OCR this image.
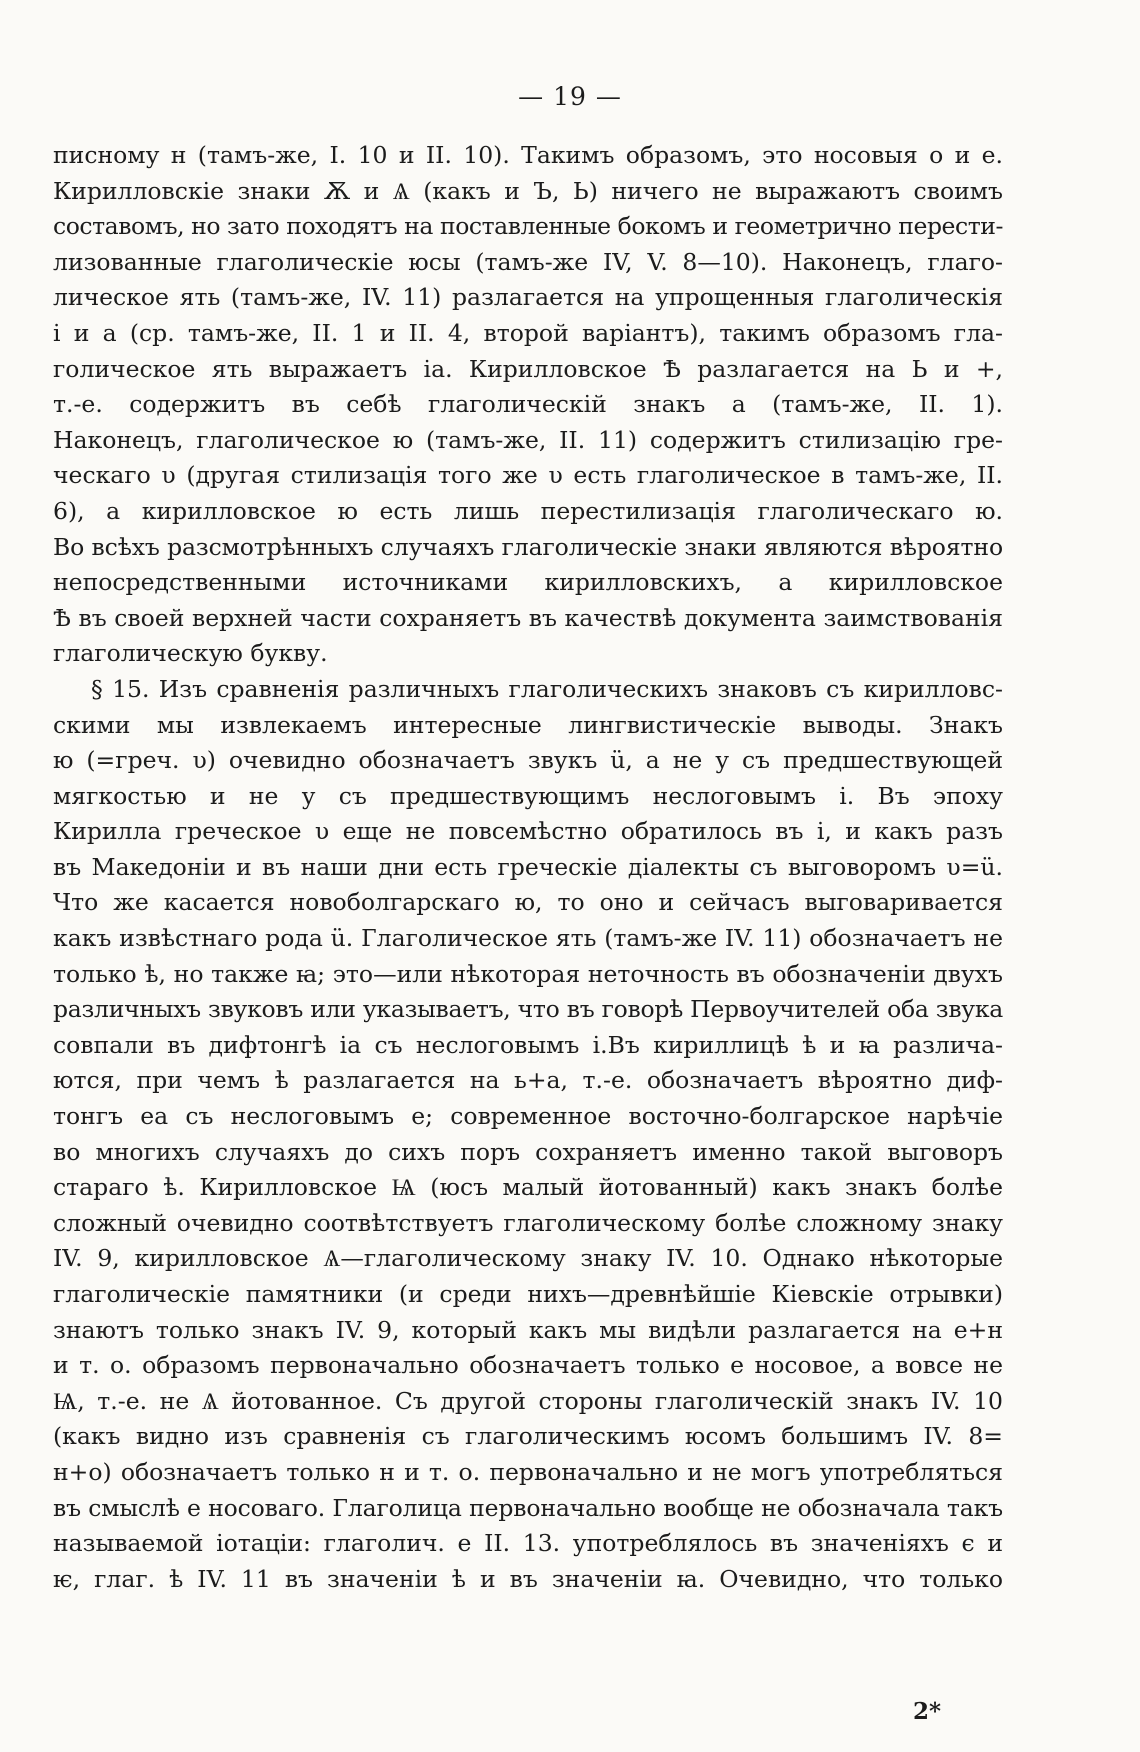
— 19 —
писному н (тамъ-же, I. 10 и II. 10). Такимъ образомъ, это носовыя о и е.
Кирилловскіе знаки Ѫ и Ѧ (какъ и Ъ, Ь) ничего не выражаютъ своимъ
составомъ, но зато походятъ на поставленные бокомъ и геометрично перести-
лизованные глаголическіе юсы (тамъ-же IV, V. 8—10). Наконецъ, глаго-
лическое ять (тамъ-же, IV. 11) разлагается на упрощенныя глаголическія
і и а (ср. тамъ-же, II. 1 и II. 4, второй варіантъ), такимъ образомъ гла-
голическое ять выражаетъ іа. Кирилловское Ѣ разлагается на Ь и +,
т.-е. содержитъ въ себѣ глаголическій знакъ а (тамъ-же, II. 1).
Наконецъ, глаголическое ю (тамъ-же, II. 11) содержитъ стилизацію гре-
ческаго υ (другая стилизація того же υ есть глаголическое в тамъ-же, II.
6), а кирилловское ю есть лишь перестилизація глаголическаго ю.
Во всѣхъ разсмотрѣнныхъ случаяхъ глаголическіе знаки являются вѣроятно
непосредственными источниками кирилловскихъ, а кирилловское
Ѣ въ своей верхней части сохраняетъ въ качествѣ документа заимствованія
глаголическую букву.
§ 15. Изъ сравненія различныхъ глаголическихъ знаковъ съ кирилловс-
скими мы извлекаемъ интересные лингвистическіе выводы. Знакъ
ю (=греч. υ) очевидно обозначаетъ звукъ ü, а не у съ предшествующей
мягкостью и не у съ предшествующимъ неслоговымъ і. Въ эпоху
Кирилла греческое υ еще не повсемѣстно обратилось въ і, и какъ разъ
въ Македоніи и въ наши дни есть греческіе діалекты съ выговоромъ υ=ü.
Что же касается новоболгарскаго ю, то оно и сейчасъ выговаривается
какъ извѣстнаго рода ü. Глаголическое ять (тамъ-же IV. 11) обозначаетъ не
только ѣ, но также ꙗ; это—или нѣкоторая неточность въ обозначеніи двухъ
различныхъ звуковъ или указываетъ, что въ говорѣ Первоучителей оба звука
совпали въ дифтонгѣ іа съ неслоговымъ і.Въ кириллицѣ ѣ и ꙗ различа-
ются, при чемъ ѣ разлагается на ь+а, т.-е. обозначаетъ вѣроятно диф-
тонгъ еа съ неслоговымъ е; современное восточно-болгарское нарѣчіе
во многихъ случаяхъ до сихъ поръ сохраняетъ именно такой выговоръ
стараго ѣ. Кирилловское Ѩ (юсъ малый йотованный) какъ знакъ болѣе
сложный очевидно соотвѣтствуетъ глаголическому болѣе сложному знаку
IV. 9, кирилловское Ѧ—глаголическому знаку IV. 10. Однако нѣкоторые
глаголическіе памятники (и среди нихъ—древнѣйшіе Кіевскіе отрывки)
знаютъ только знакъ IV. 9, который какъ мы видѣли разлагается на е+н
и т. о. образомъ первоначально обозначаетъ только е носовое, а вовсе не
Ѩ, т.-е. не Ѧ йотованное. Съ другой стороны глаголическій знакъ IV. 10
(какъ видно изъ сравненія съ глаголическимъ юсомъ большимъ IV. 8=
н+о) обозначаетъ только н и т. о. первоначально и не могъ употребляться
въ смыслѣ е носоваго. Глаголица первоначально вообще не обозначала такъ
называемой іотаціи: глаголич. е II. 13. употреблялось въ значеніяхъ є и
ѥ, глаг. ѣ IV. 11 въ значеніи ѣ и въ значеніи ꙗ. Очевидно, что только
2*
